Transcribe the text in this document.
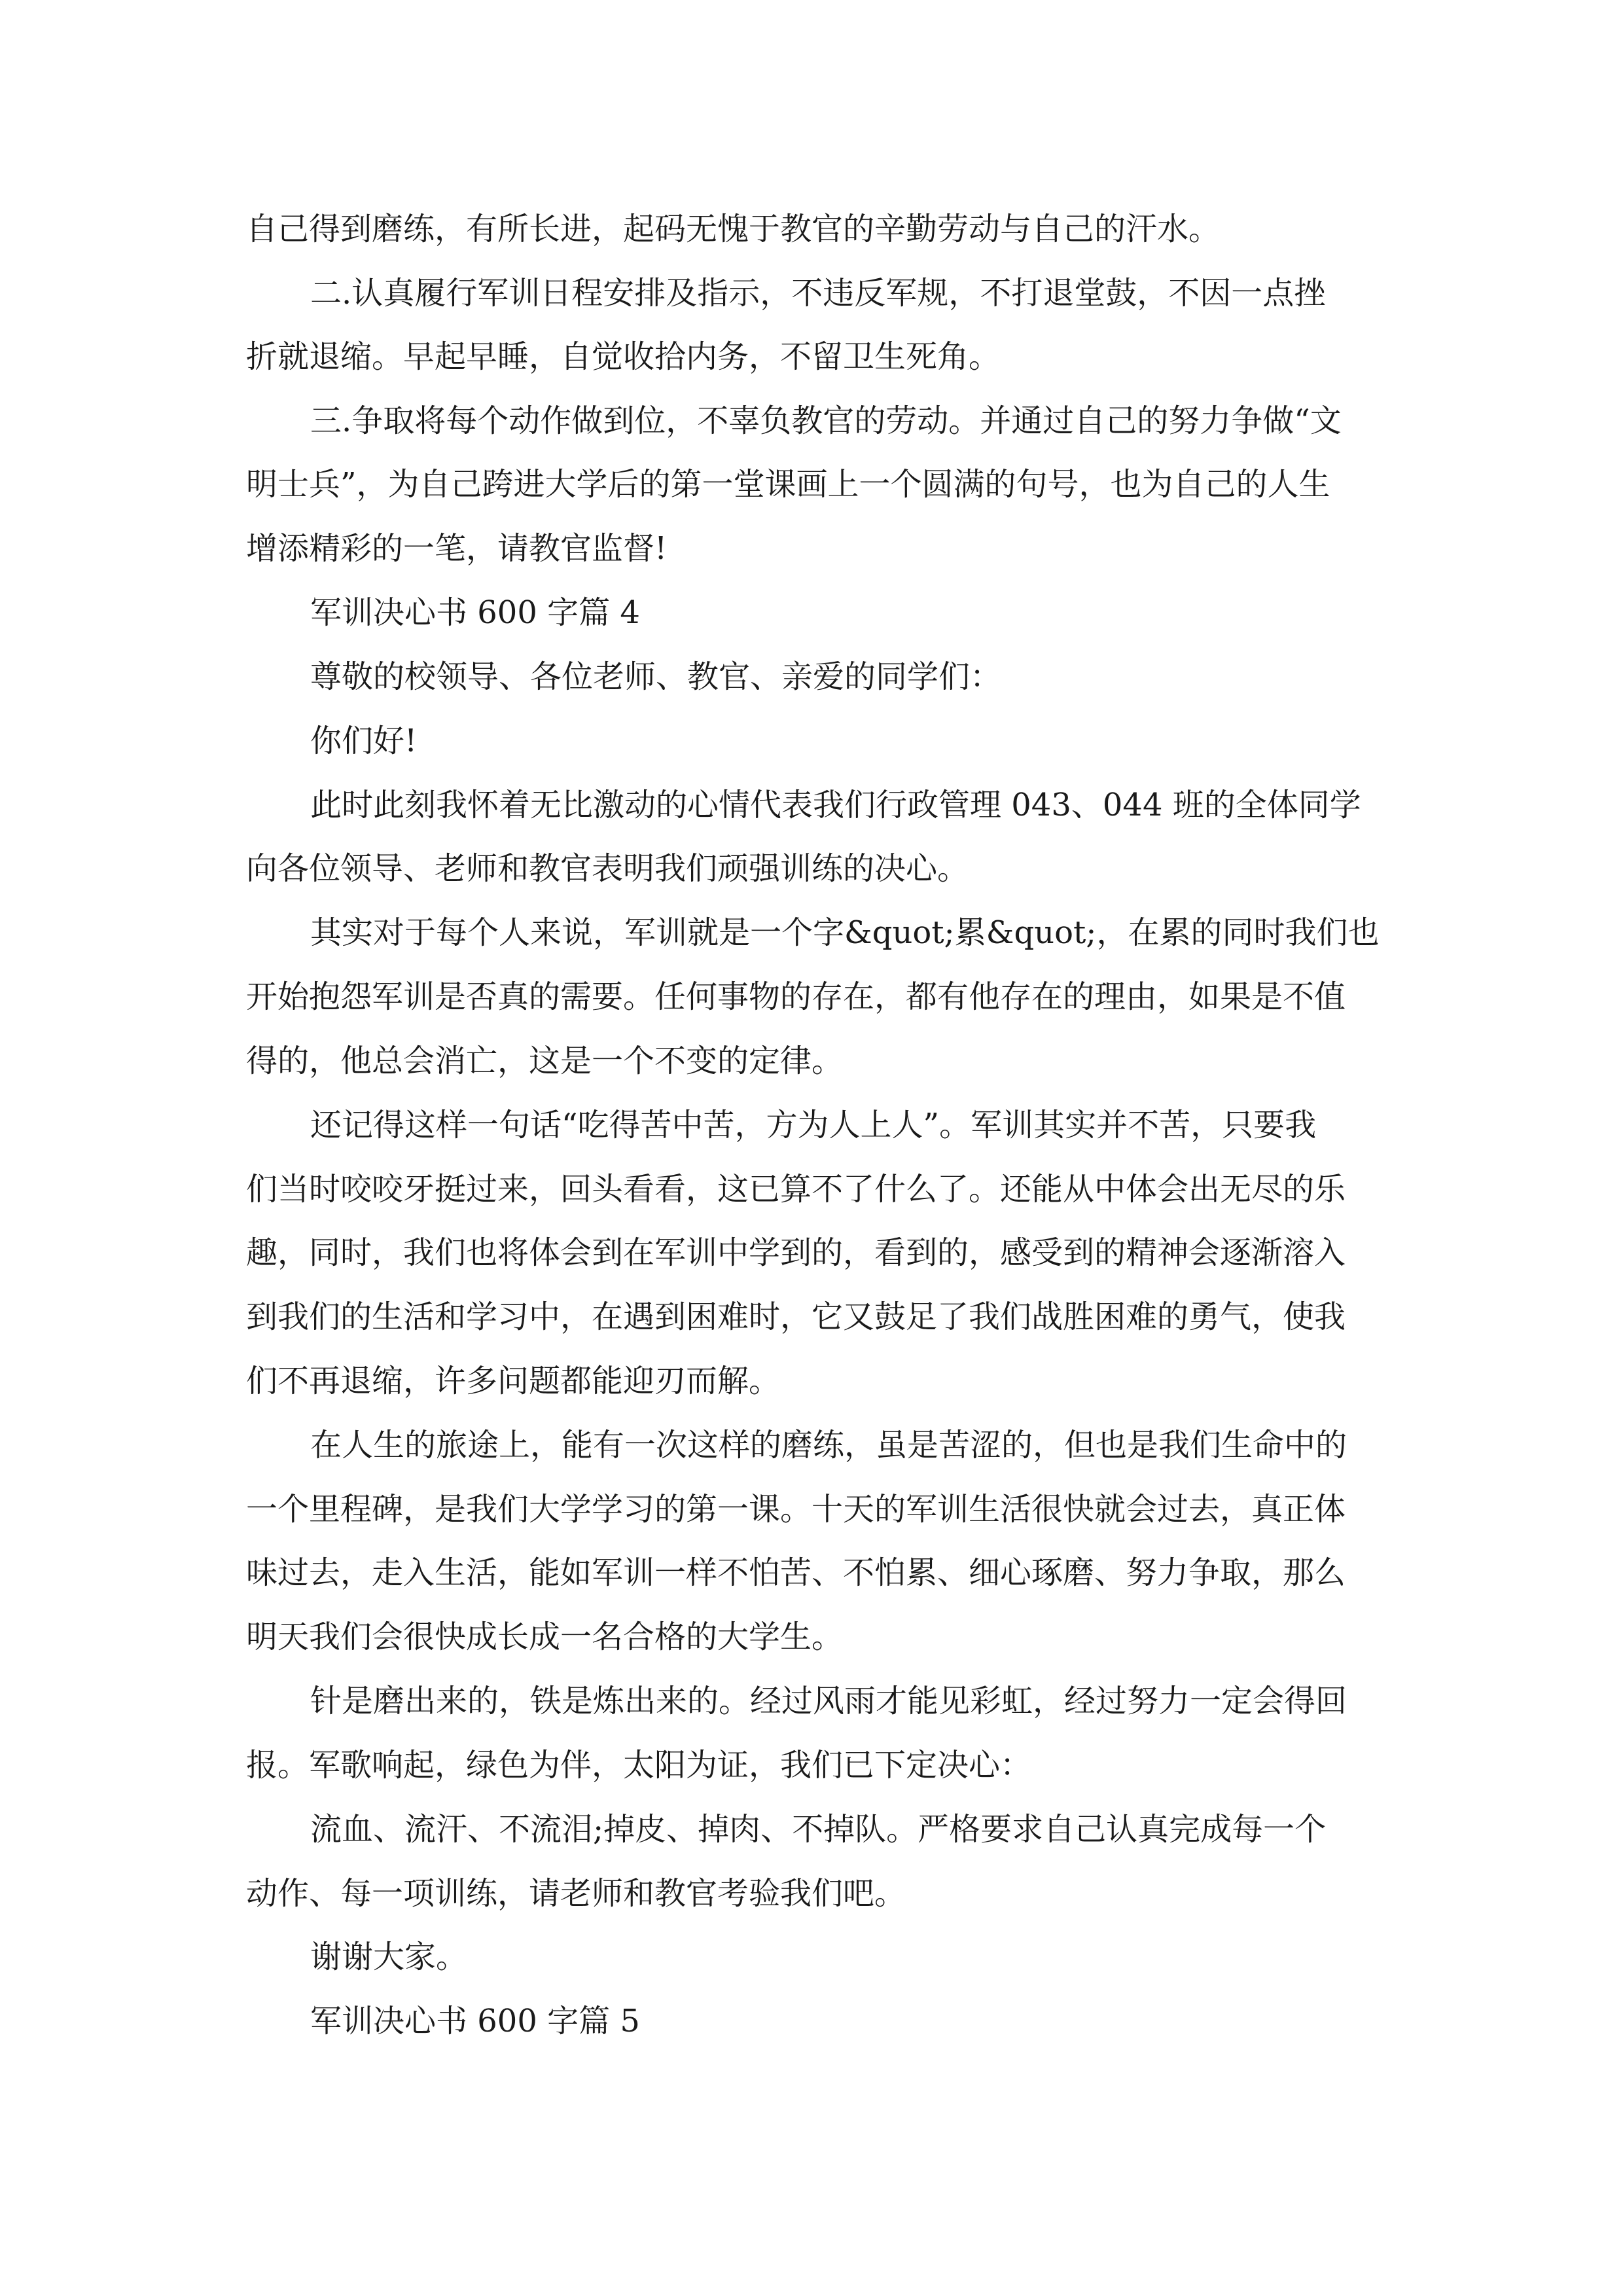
自己得到磨练，有所长进，起码无愧于教官的辛勤劳动与自己的汗水。
二.认真履行军训日程安排及指示，不违反军规，不打退堂鼓，不因一点挫
折就退缩。早起早睡，自觉收拾内务，不留卫生死角。
三.争取将每个动作做到位，不辜负教官的劳动。并通过自己的努力争做“文
明士兵”，为自己跨进大学后的第一堂课画上一个圆满的句号，也为自己的人生
增添精彩的一笔，请教官监督!
军训决心书 600 字篇 4
尊敬的校领导、各位老师、教官、亲爱的同学们：
你们好!
此时此刻我怀着无比激动的心情代表我们行政管理 043、044 班的全体同学
向各位领导、老师和教官表明我们顽强训练的决心。
其实对于每个人来说，军训就是一个字&quot;累&quot;，在累的同时我们也
开始抱怨军训是否真的需要。任何事物的存在，都有他存在的理由，如果是不值
得的，他总会消亡，这是一个不变的定律。
还记得这样一句话“吃得苦中苦，方为人上人”。军训其实并不苦，只要我
们当时咬咬牙挺过来，回头看看，这已算不了什么了。还能从中体会出无尽的乐
趣，同时，我们也将体会到在军训中学到的，看到的，感受到的精神会逐渐溶入
到我们的生活和学习中，在遇到困难时，它又鼓足了我们战胜困难的勇气，使我
们不再退缩，许多问题都能迎刃而解。
在人生的旅途上，能有一次这样的磨练，虽是苦涩的，但也是我们生命中的
一个里程碑，是我们大学学习的第一课。十天的军训生活很快就会过去，真正体
味过去，走入生活，能如军训一样不怕苦、不怕累、细心琢磨、努力争取，那么
明天我们会很快成长成一名合格的大学生。
针是磨出来的，铁是炼出来的。经过风雨才能见彩虹，经过努力一定会得回
报。军歌响起，绿色为伴，太阳为证，我们已下定决心：
流血、流汗、不流泪;掉皮、掉肉、不掉队。严格要求自己认真完成每一个
动作、每一项训练，请老师和教官考验我们吧。
谢谢大家。
军训决心书 600 字篇 5
